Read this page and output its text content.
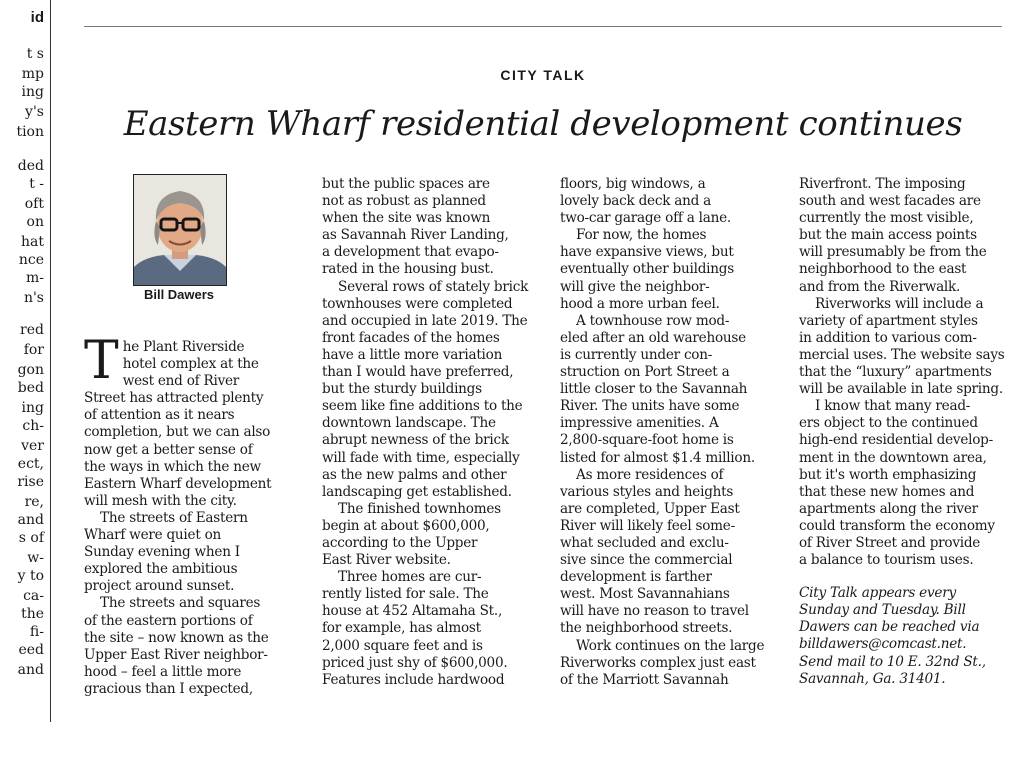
id
t s
mp
ing
y's
tion
ded
t -
oft
on
hat
nce
m-
n's
red
for
gon
bed
ing
ch-
ver
ect,
rise
re,
and
s of
w-
y to
ca-
the
fi-
eed
and
CITY TALK
Eastern Wharf residential development continues
Bill Dawers
T he Plant Riverside

hotel complex at the

west end of River

Street has attracted plenty

of attention as it nears

completion, but we can also

now get a better sense of

the ways in which the new

Eastern Wharf development

will mesh with the city.

The streets of Eastern

Wharf were quiet on

Sunday evening when I

explored the ambitious

project around sunset.

The streets and squares

of the eastern portions of

the site – now known as the

Upper East River neighbor-

hood – feel a little more

gracious than I expected,

but the public spaces are

not as robust as planned

when the site was known

as Savannah River Landing,

a development that evapo-

rated in the housing bust.

Several rows of stately brick

townhouses were completed

and occupied in late 2019. The

front facades of the homes

have a little more variation

than I would have preferred,

but the sturdy buildings

seem like fine additions to the

downtown landscape. The

abrupt newness of the brick

will fade with time, especially

as the new palms and other

landscaping get established.

The finished townhomes

begin at about $600,000,

according to the Upper

East River website.

Three homes are cur-

rently listed for sale. The

house at 452 Altamaha St.,

for example, has almost

2,000 square feet and is

priced just shy of $600,000.

Features include hardwood

floors, big windows, a

lovely back deck and a

two-car garage off a lane.

For now, the homes

have expansive views, but

eventually other buildings

will give the neighbor-

hood a more urban feel.

A townhouse row mod-

eled after an old warehouse

is currently under con-

struction on Port Street a

little closer to the Savannah

River. The units have some

impressive amenities. A

2,800-square-foot home is

listed for almost $1.4 million.

As more residences of

various styles and heights

are completed, Upper East

River will likely feel some-

what secluded and exclu-

sive since the commercial

development is farther

west. Most Savannahians

will have no reason to travel

the neighborhood streets.

Work continues on the large

Riverworks complex just east

of the Marriott Savannah

Riverfront. The imposing

south and west facades are

currently the most visible,

but the main access points

will presumably be from the

neighborhood to the east

and from the Riverwalk.

Riverworks will include a

variety of apartment styles

in addition to various com-

mercial uses. The website says

that the “luxury” apartments

will be available in late spring.

I know that many read-

ers object to the continued

high-end residential develop-

ment in the downtown area,

but it's worth emphasizing

that these new homes and

apartments along the river

could transform the economy

of River Street and provide

a balance to tourism uses.

City Talk appears every

Sunday and Tuesday. Bill

Dawers can be reached via

billdawers@comcast.net.

Send mail to 10 E. 32nd St.,

Savannah, Ga. 31401.
